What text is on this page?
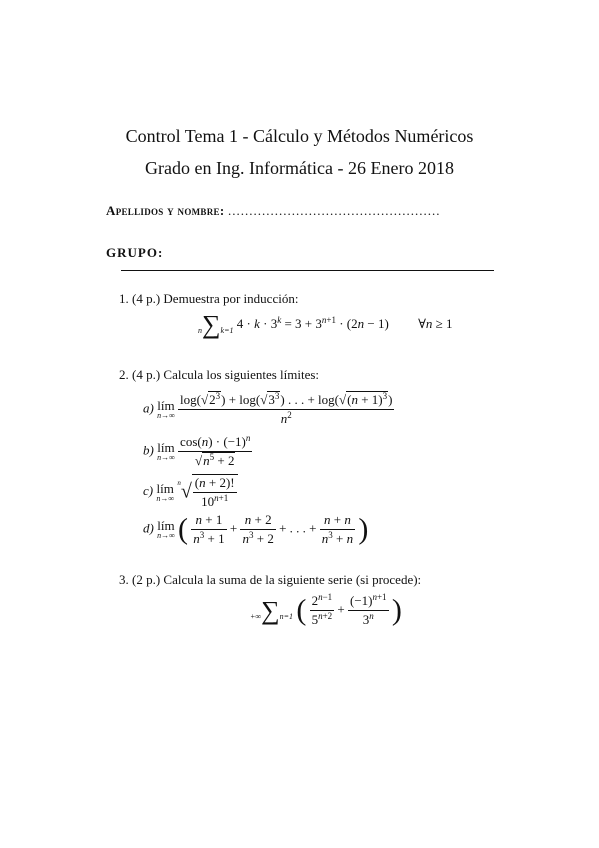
Control Tema 1 - Cálculo y Métodos Numéricos
Grado en Ing. Informática - 26 Enero 2018
Apellidos y nombre: ..................................................
GRUPO:
1. (4 p.) Demuestra por inducción:
n∑k=1 $4 \cdot k \cdot 3^k = 3 + 3^{n+1} \cdot (2n - 1)$ ∀n ≥ 1
2. (4 p.) Calcula los siguientes límites:
a) lím
n→∞
$\frac{\log(√2^3) + \log(√3^3) . . . + \log(√(n + 1)^3)}{n^2}$
b) lím
n→∞
$\frac{\cos(n) \cdot (-1)^n}{√n^5 + 2}$
c) lím
n→∞
$^n√ \frac{(n + 2)!}{10^{n+1}}$
d) lím
n→∞ ( $\frac{n + 1}{n^3 + 1} + \frac{n + 2}{n^3 + 2}$ + . . . + $\frac{n + n}{n^3 + n}$ )
3. (2 p.) Calcula la suma de la siguiente serie (si procede):
+∞∑n=1 ( $\frac{2^{n-1}}{5^{n+2}} + \frac{(-1)^{n+1}}{3^n}$ )
